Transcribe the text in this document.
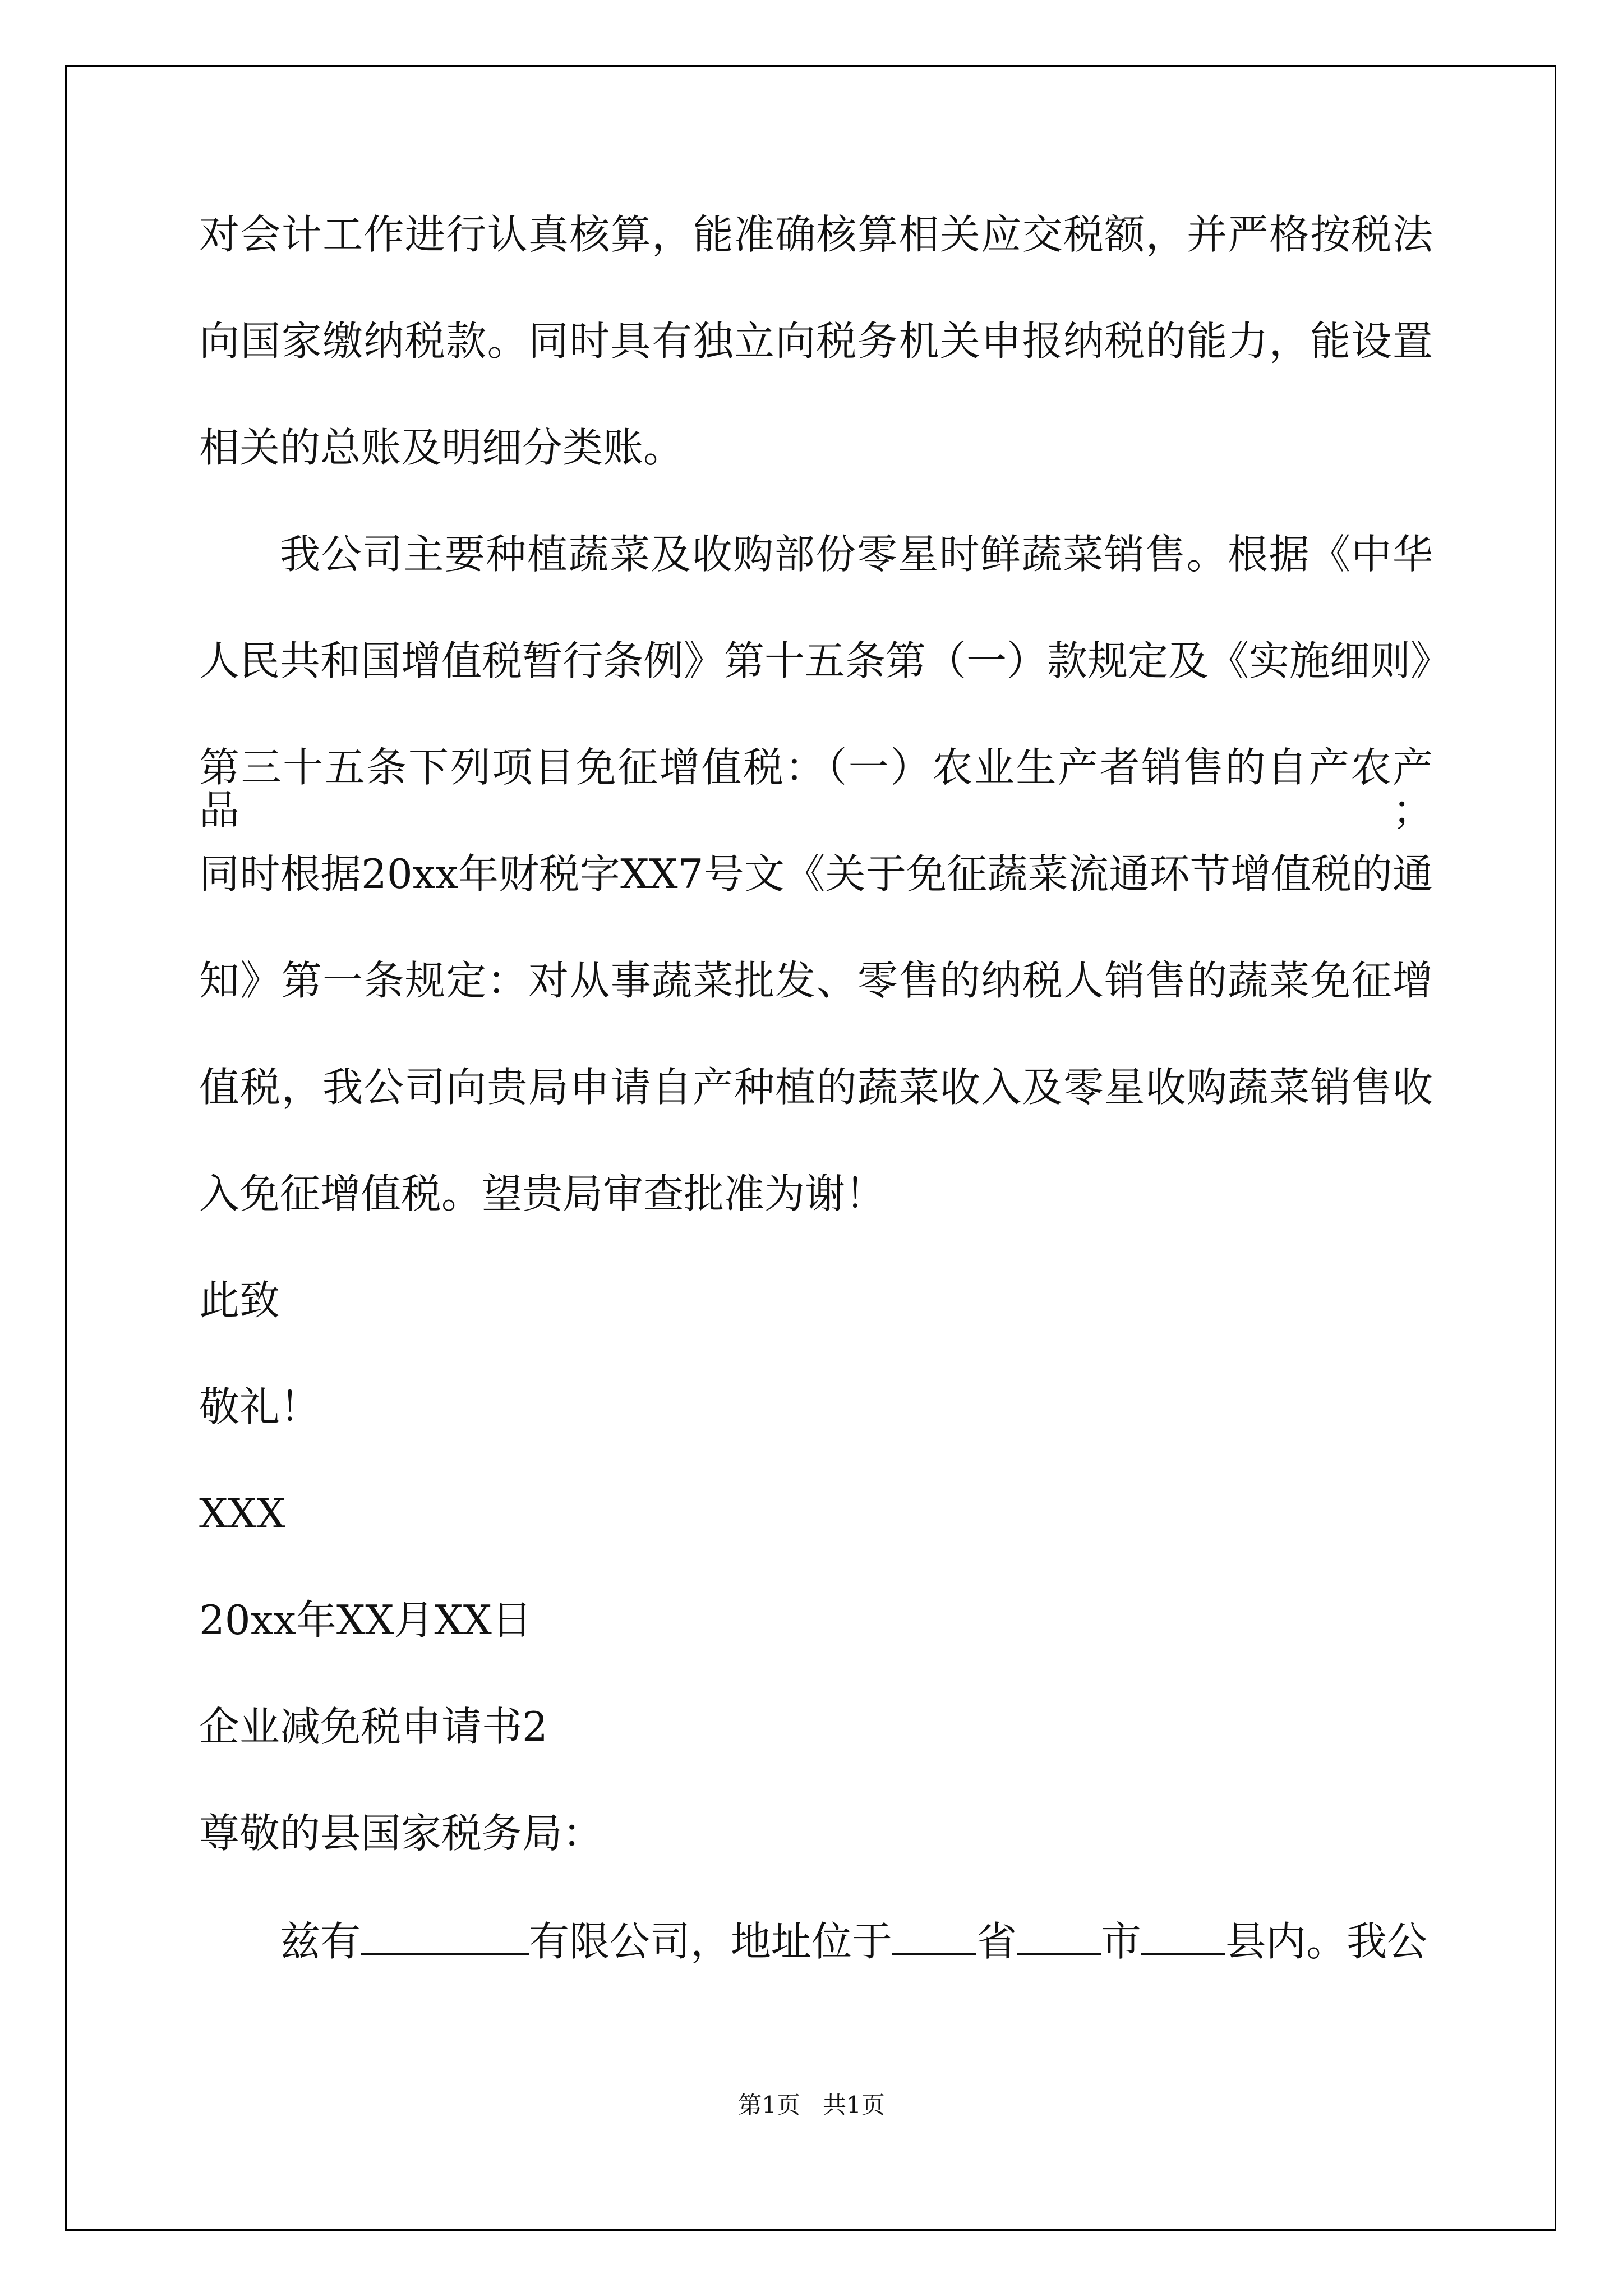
对会计工作进行认真核算，能准确核算相关应交税额，并严格按税法
向国家缴纳税款。同时具有独立向税务机关申报纳税的能力，能设置
相关的总账及明细分类账。
我公司主要种植蔬菜及收购部份零星时鲜蔬菜销售。根据《中华
人民共和国增值税暂行条例》第十五条第（一）款规定及《实施细则》
第三十五条下列项目免征增值税：（一）农业生产者销售的自产农产品；
同时根据20xx年财税字XX7号文《关于免征蔬菜流通环节增值税的通
知》第一条规定：对从事蔬菜批发、零售的纳税人销售的蔬菜免征增
值税，我公司向贵局申请自产种植的蔬菜收入及零星收购蔬菜销售收
入免征增值税。望贵局审查批准为谢！
此致
敬礼！
XXX
20xx年XX月XX日
企业减免税申请书2
尊敬的县国家税务局：
兹有	有限公司，地址位于 省 市 县内。我公
第1页 共1页
